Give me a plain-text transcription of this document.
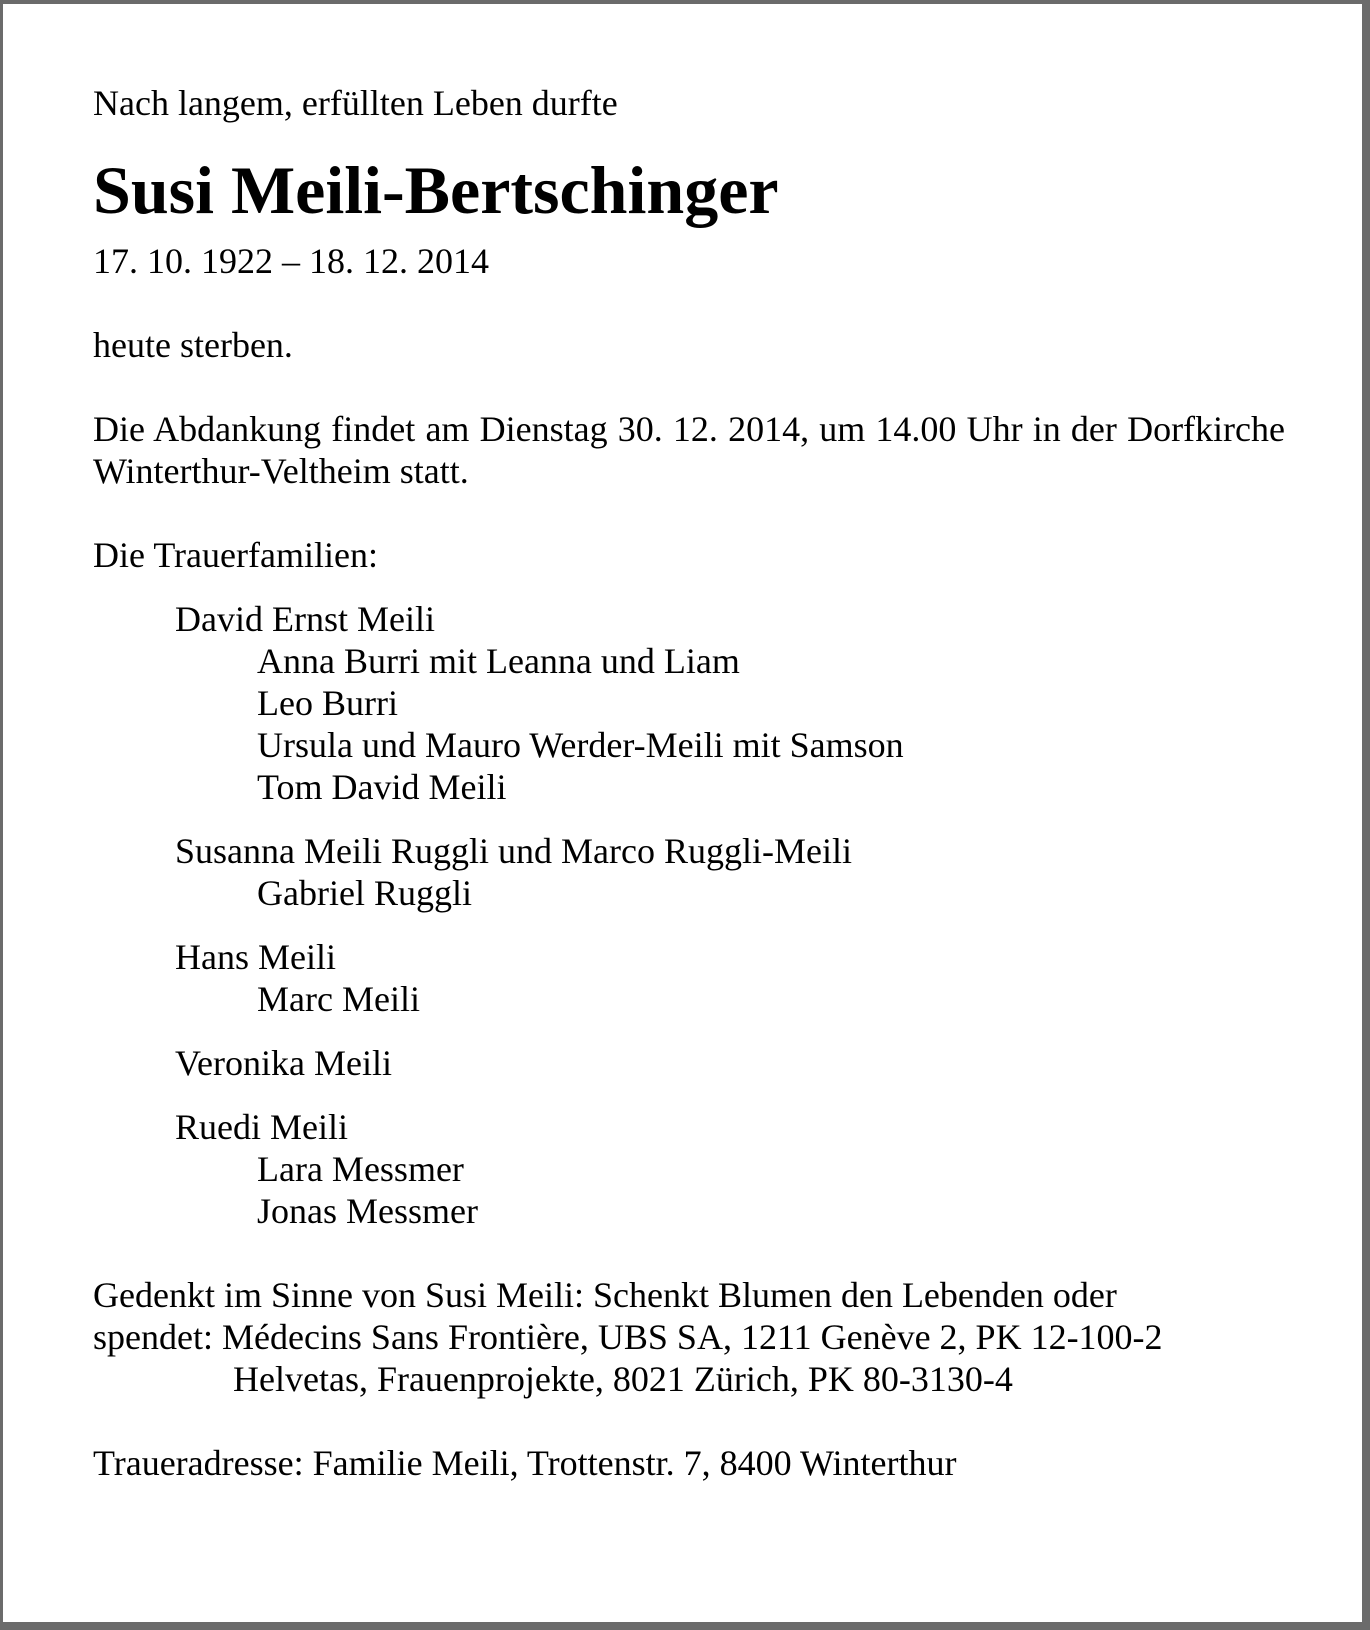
Nach langem, erfüllten Leben durfte

Susi Meili-Bertschinger

17. 10. 1922 – 18. 12. 2014

heute sterben.

Die Abdankung findet am Dienstag 30. 12. 2014, um 14.00 Uhr in der Dorfkirche Winterthur-Veltheim statt.

Die Trauerfamilien:

David Ernst Meili

Anna Burri mit Leanna und Liam

Leo Burri

Ursula und Mauro Werder-Meili mit Samson

Tom David Meili

Susanna Meili Ruggli und Marco Ruggli-Meili

Gabriel Ruggli

Hans Meili

Marc Meili

Veronika Meili

Ruedi Meili

Lara Messmer

Jonas Messmer

Gedenkt im Sinne von Susi Meili: Schenkt Blumen den Lebenden oder

spendet: Médecins Sans Frontière, UBS SA, 1211 Genève 2, PK 12-100-2

Helvetas, Frauenprojekte, 8021 Zürich, PK 80-3130-4

Traueradresse: Familie Meili, Trottenstr. 7, 8400 Winterthur
